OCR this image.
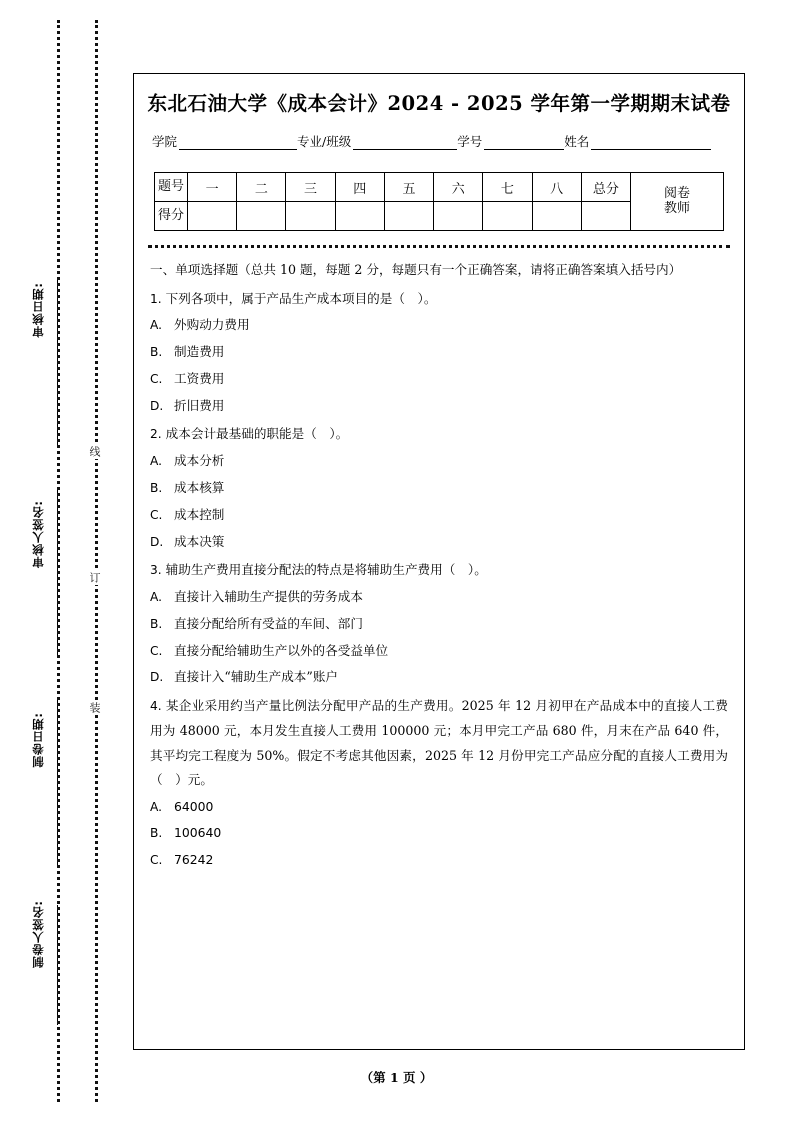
审核日期:
审核人签名:
制卷日期:
制卷人签名:
线
订
装
东北石油大学《成本会计》2024 - 2025 学年第一学期期末试卷
学院	专业/班级	学号	姓名
题号	一	二	三	四	五	六	七	八	总分	阅卷
教师

得分										

一、单项选择题（总共 10 题，每题 2 分，每题只有一个正确答案，请将正确答案填入括号内）
1. 下列各项中，属于产品生产成本项目的是（　）。
A. 外购动力费用
B. 制造费用
C. 工资费用
D. 折旧费用
2. 成本会计最基础的职能是（　）。
A. 成本分析
B. 成本核算
C. 成本控制
D. 成本决策
3. 辅助生产费用直接分配法的特点是将辅助生产费用（　）。
A. 直接计入辅助生产提供的劳务成本
B. 直接分配给所有受益的车间、部门
C. 直接分配给辅助生产以外的各受益单位
D. 直接计入“辅助生产成本”账户
4. 某企业采用约当产量比例法分配甲产品的生产费用。2025 年 12 月初甲在产品成本中的直接人工费用为 48000 元，本月发生直接人工费用 100000 元；本月甲完工产品 680 件，月末在产品 640 件，其平均完工程度为 50%。假定不考虑其他因素，2025 年 12 月份甲完工产品应分配的直接人工费用为（　）元。
A. 64000
B. 100640
C. 76242
（第 1 页 ）
